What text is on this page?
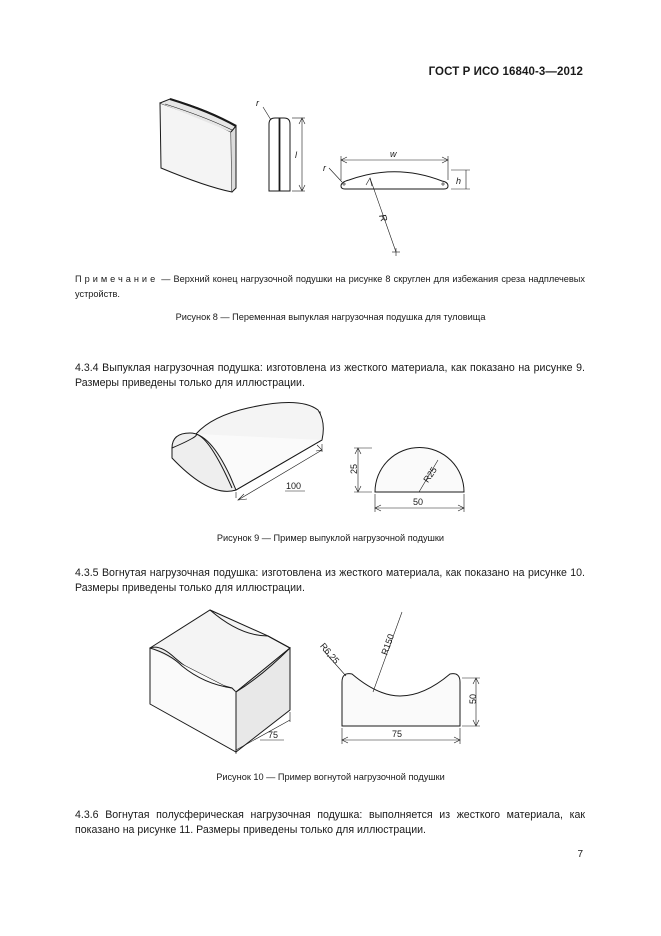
ГОСТ Р ИСО 16840-3—2012
r
l	w
h
r
R
Примечание — Верхний конец нагрузочной подушки на рисунке 8 скруглен для избежания среза надплечевых устройств.
Рисунок 8 — Переменная выпуклая нагрузочная подушка для туловища
4.3.4 Выпуклая нагрузочная подушка: изготовлена из жесткого материала, как показано на рисунке 9. Размеры приведены только для иллюстрации.
100
25	R25
50
Рисунок 9 — Пример выпуклой нагрузочной подушки
4.3.5 Вогнутая нагрузочная подушка: изготовлена из жесткого материала, как показано на рисунке 10. Размеры приведены только для иллюстрации.
75
R6,25	R150
50
75
Рисунок 10 — Пример вогнутой нагрузочной подушки
4.3.6 Вогнутая полусферическая нагрузочная подушка: выполняется из жесткого материала, как показано на рисунке 11. Размеры приведены только для иллюстрации.
7
